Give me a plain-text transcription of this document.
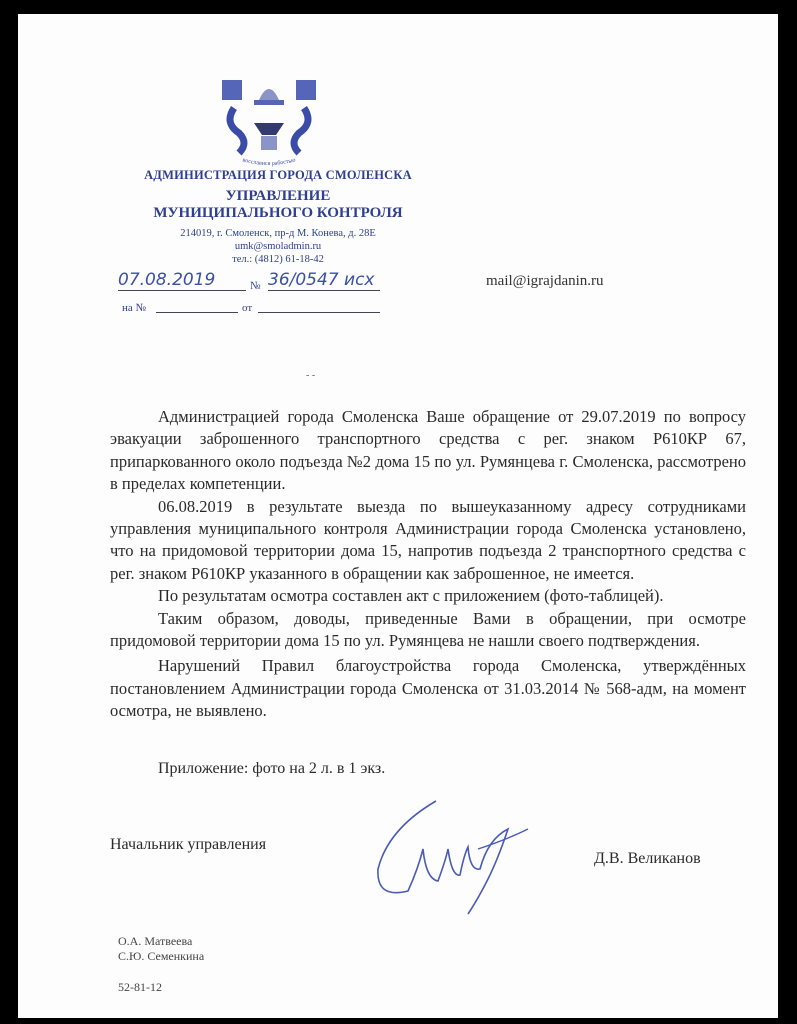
восславися рабоcтью
АДМИНИСТРАЦИЯ ГОРОДА СМОЛЕНСКА
УПРАВЛЕНИЕ
МУНИЦИПАЛЬНОГО КОНТРОЛЯ
214019, г. Смоленск, пр-д М. Конева, д. 28Е
umk@smoladmin.ru
тел.: (4812) 61-18-42
07.08.2019	№ 36/0547 исх
на №	от
mail@igrajdanin.ru
- -

Администрацией города Смоленска Ваше обращение от 29.07.2019 по вопросу эвакуации заброшенного транспортного средства с рег. знаком Р610КР 67, припаркованного около подъезда №2 дома 15 по ул. Румянцева г. Смоленска, рассмотрено в пределах компетенции.

06.08.2019 в результате выезда по вышеуказанному адресу сотрудниками управления муниципального контроля Администрации города Смоленска установлено, что на придомовой территории дома 15, напротив подъезда 2 транспортного средства с рег. знаком Р610КР указанного в обращении как заброшенное, не имеется.

По результатам осмотра составлен акт с приложением (фото-таблицей).

Таким образом, доводы, приведенные Вами в обращении, при осмотре придомовой территории дома 15 по ул. Румянцева не нашли своего подтверждения.

Нарушений Правил благоустройства города Смоленска, утверждённых постановлением Администрации города Смоленска от 31.03.2014 № 568-адм, на момент осмотра, не выявлено.

Приложение: фото на 2 л. в 1 экз.
Начальник управления
Д.В. Великанов
О.А. Матвеева
С.Ю. Семенкина
52-81-12
